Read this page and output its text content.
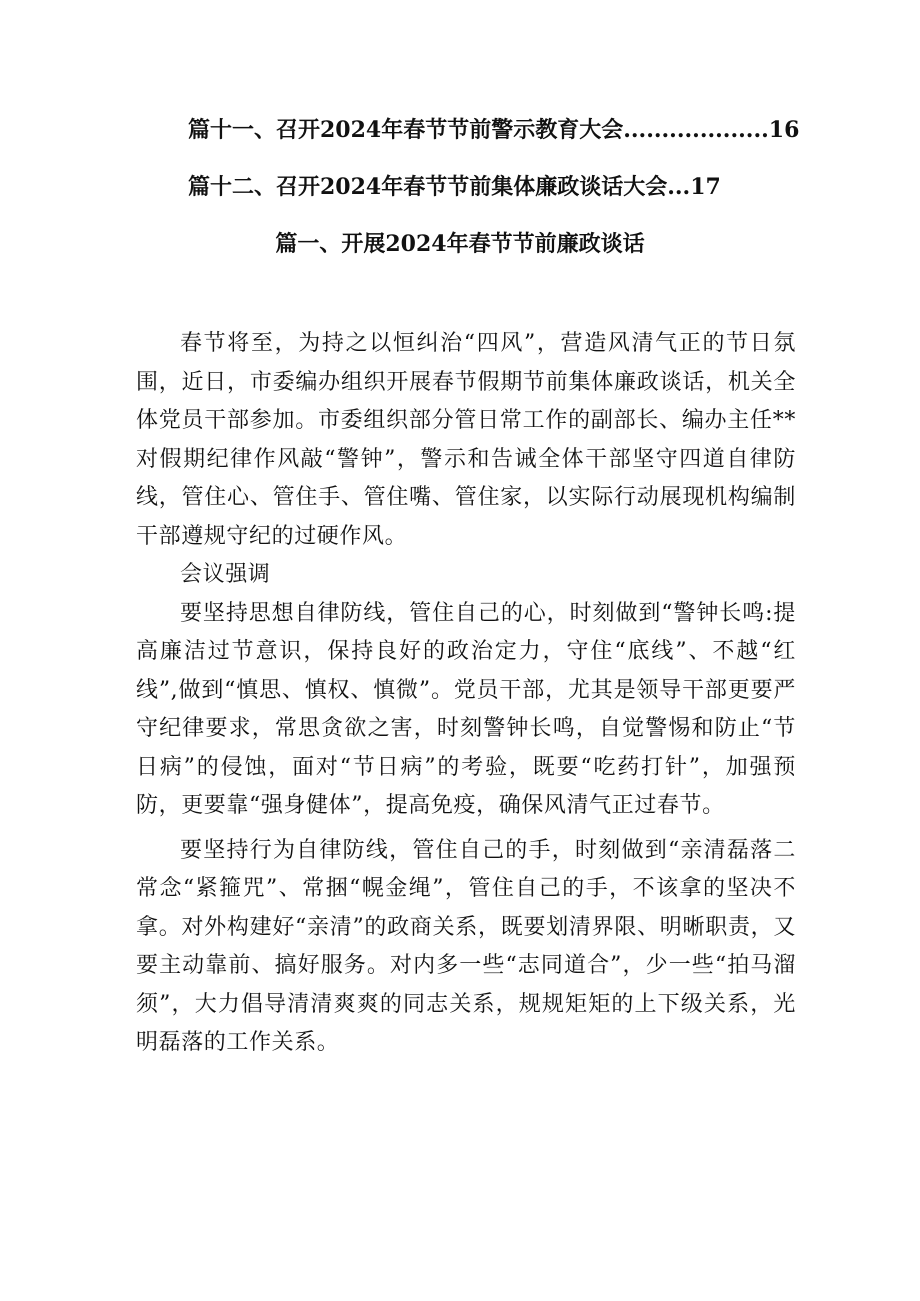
篇十一、召开2024年春节节前警示教育大会...................16
篇十二、召开2024年春节节前集体廉政谈话大会...17
篇一、开展2024年春节节前廉政谈话

春节将至，为持之以恒纠治“四风”，营造风清气正的节日氛围，近日，市委编办组织开展春节假期节前集体廉政谈话，机关全体党员干部参加。市委组织部分管日常工作的副部长、编办主任**对假期纪律作风敲“警钟”，警示和告诫全体干部坚守四道自律防线，管住心、管住手、管住嘴、管住家，以实际行动展现机构编制干部遵规守纪的过硬作风。

会议强调

要坚持思想自律防线，管住自己的心，时刻做到“警钟长鸣:提高廉洁过节意识，保持良好的政治定力，守住“底线”、不越“红线”,做到“慎思、慎权、慎微”。党员干部，尤其是领导干部更要严守纪律要求，常思贪欲之害，时刻警钟长鸣，自觉警惕和防止“节日病”的侵蚀，面对“节日病”的考验，既要“吃药打针”，加强预防，更要靠“强身健体”，提高免疫，确保风清气正过春节。

要坚持行为自律防线，管住自己的手，时刻做到“亲清磊落二常念“紧箍咒”、常捆“幌金绳”，管住自己的手，不该拿的坚决不拿。对外构建好“亲清”的政商关系，既要划清界限、明晰职责，又要主动靠前、搞好服务。对内多一些“志同道合”，少一些“拍马溜须”，大力倡导清清爽爽的同志关系，规规矩矩的上下级关系，光明磊落的工作关系。
